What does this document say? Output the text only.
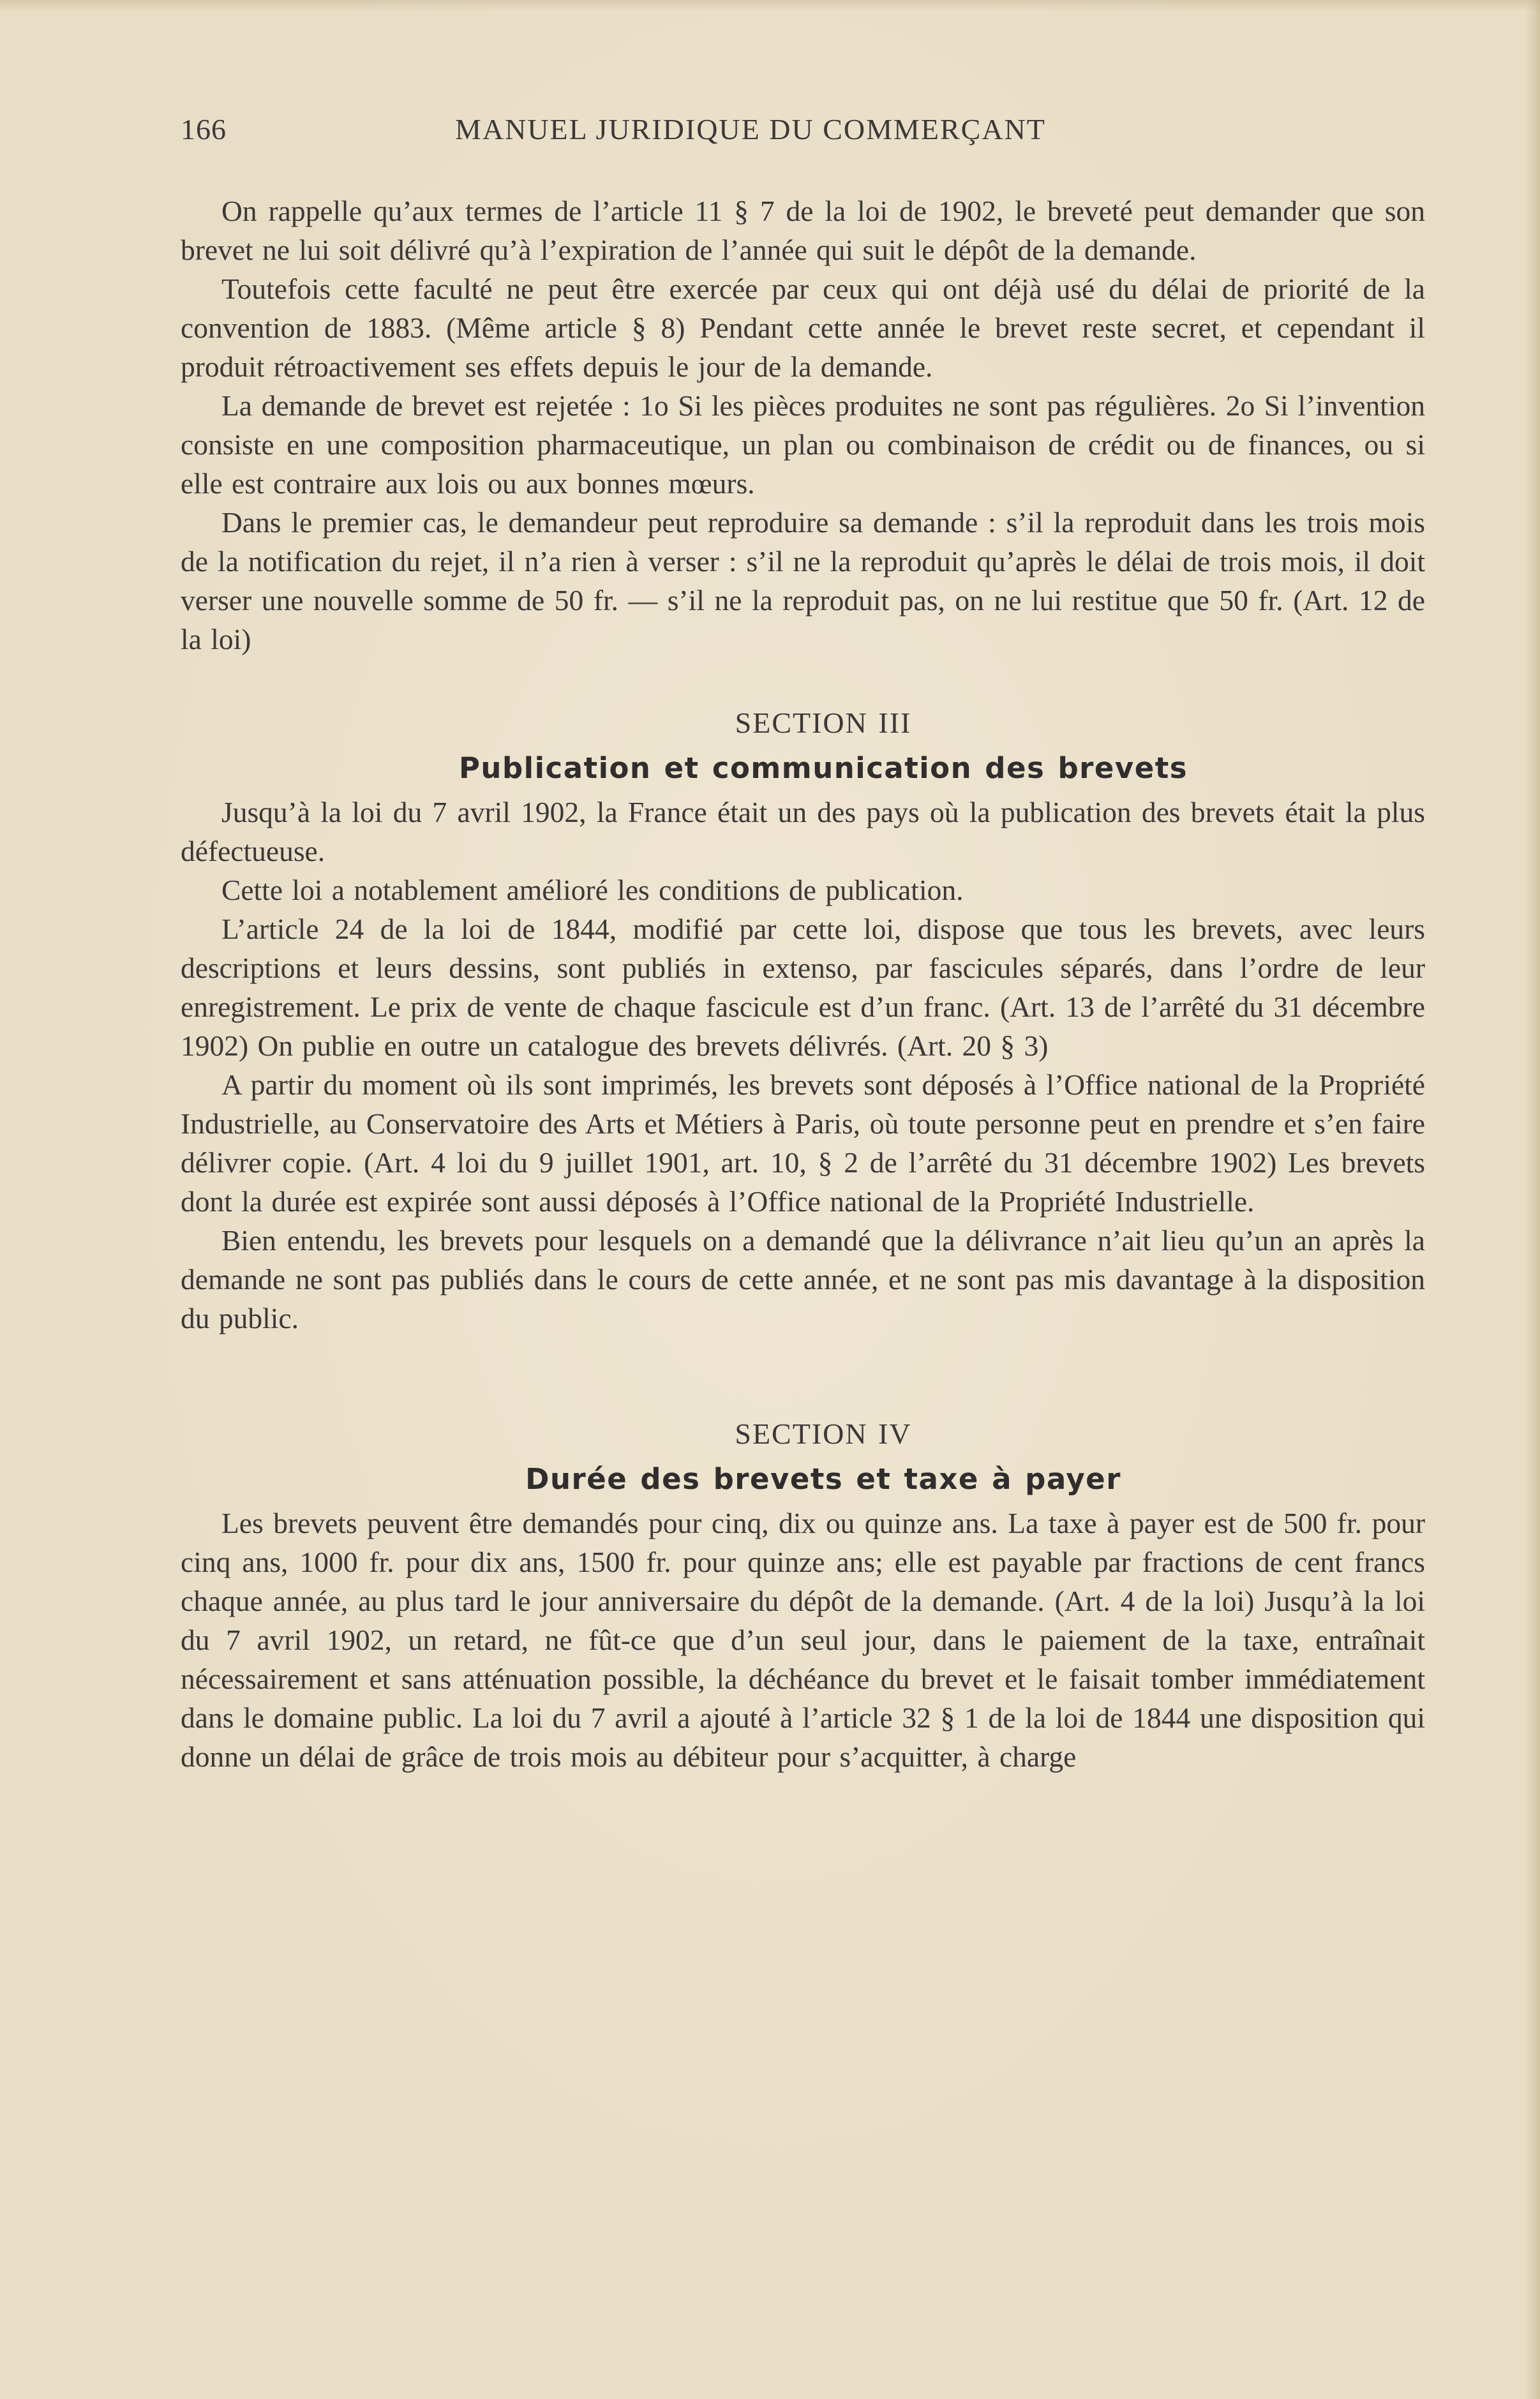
166	MANUEL JURIDIQUE DU COMMERÇANT

On rappelle qu’aux termes de l’article 11 § 7 de la loi de 1902, le breveté peut demander que son brevet ne lui soit délivré qu’à l’expiration de l’année qui suit le dépôt de la demande.

Toutefois cette faculté ne peut être exercée par ceux qui ont déjà usé du délai de priorité de la convention de 1883. (Même article § 8) Pendant cette année le brevet reste secret, et cependant il produit rétroactivement ses effets depuis le jour de la demande.

La demande de brevet est rejetée : 1o Si les pièces produites ne sont pas régulières. 2o Si l’invention consiste en une composition pharmaceutique, un plan ou combinaison de crédit ou de finances, ou si elle est contraire aux lois ou aux bonnes mœurs.

Dans le premier cas, le demandeur peut reproduire sa demande : s’il la reproduit dans les trois mois de la notification du rejet, il n’a rien à verser : s’il ne la reproduit qu’après le délai de trois mois, il doit verser une nouvelle somme de 50 fr. — s’il ne la reproduit pas, on ne lui restitue que 50 fr. (Art. 12 de la loi)

SECTION III

Publication et communication des brevets

Jusqu’à la loi du 7 avril 1902, la France était un des pays où la publication des brevets était la plus défectueuse.

Cette loi a notablement amélioré les conditions de publication.

L’article 24 de la loi de 1844, modifié par cette loi, dispose que tous les brevets, avec leurs descriptions et leurs dessins, sont publiés in extenso, par fascicules séparés, dans l’ordre de leur enregistrement. Le prix de vente de chaque fascicule est d’un franc. (Art. 13 de l’arrêté du 31 décembre 1902) On publie en outre un catalogue des brevets délivrés. (Art. 20 § 3)

A partir du moment où ils sont imprimés, les brevets sont déposés à l’Office national de la Propriété Industrielle, au Conservatoire des Arts et Métiers à Paris, où toute personne peut en prendre et s’en faire délivrer copie. (Art. 4 loi du 9 juillet 1901, art. 10, § 2 de l’arrêté du 31 décembre 1902) Les brevets dont la durée est expirée sont aussi déposés à l’Office national de la Propriété Industrielle.

Bien entendu, les brevets pour lesquels on a demandé que la délivrance n’ait lieu qu’un an après la demande ne sont pas publiés dans le cours de cette année, et ne sont pas mis davantage à la disposition du public.

SECTION IV

Durée des brevets et taxe à payer

Les brevets peuvent être demandés pour cinq, dix ou quinze ans. La taxe à payer est de 500 fr. pour cinq ans, 1000 fr. pour dix ans, 1500 fr. pour quinze ans; elle est payable par fractions de cent francs chaque année, au plus tard le jour anniversaire du dépôt de la demande. (Art. 4 de la loi) Jusqu’à la loi du 7 avril 1902, un retard, ne fût-ce que d’un seul jour, dans le paiement de la taxe, entraînait nécessairement et sans atténuation possible, la déchéance du brevet et le faisait tomber immédiatement dans le domaine public. La loi du 7 avril a ajouté à l’article 32 § 1 de la loi de 1844 une disposition qui donne un délai de grâce de trois mois au débiteur pour s’acquitter, à charge
